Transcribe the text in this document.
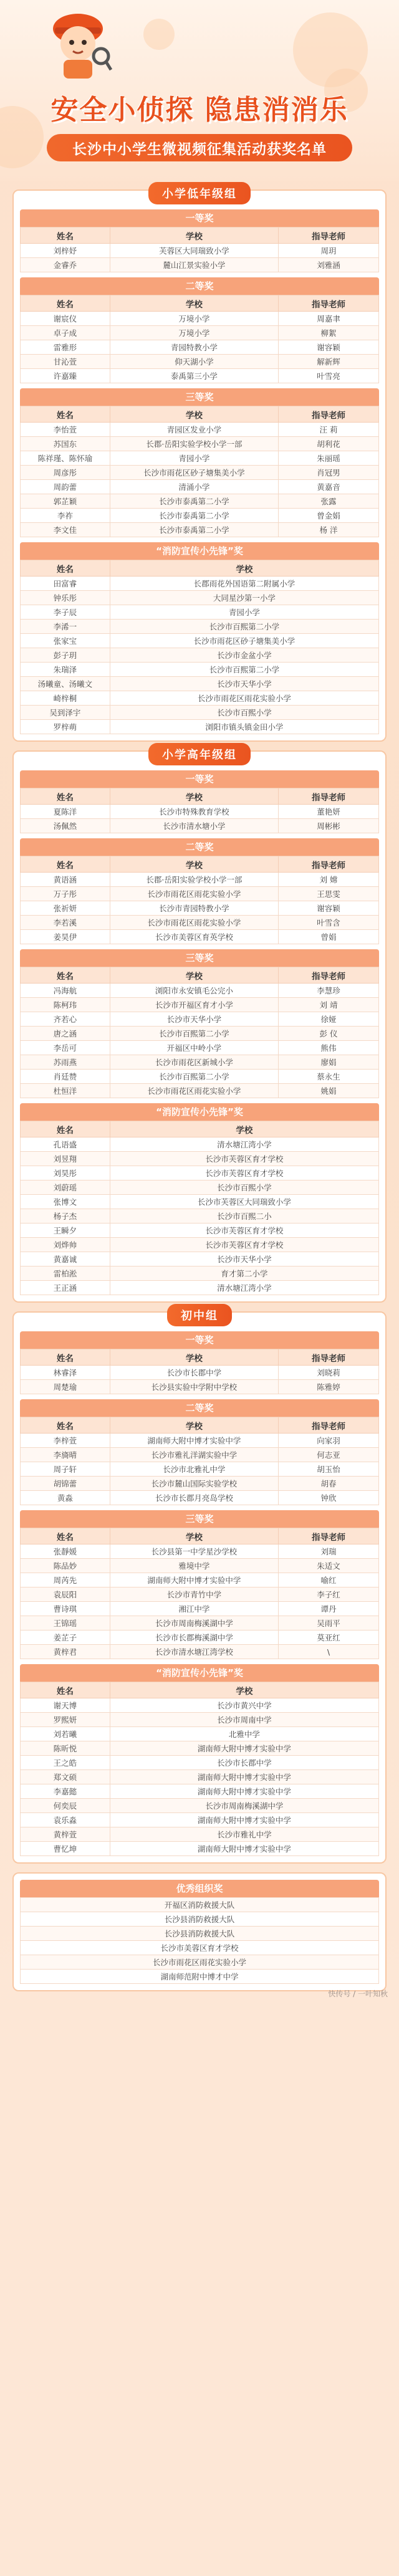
安全小侦探 隐患消消乐
长沙中小学生微视频征集活动获奖名单
小学低年级组
一等奖
姓名	学校	指导老师
刘梓妤	芙蓉区大同瑞致小学	周玥
金睿乔	麓山江景实验小学	刘雅涵
二等奖
姓名	学校	指导老师
谢宸仪	万境小学	周嘉聿
卓子成	万境小学	柳絮
雷雅形	青园特教小学	谢容颖
甘沁萱	仰天湖小学	解新辉
许嘉臻	泰禹第三小学	叶雪亮
三等奖
姓名	学校	指导老师
李怡萱	青园区发业小学	汪 莉
苏国东	长郡·岳阳实验学校小学一部	胡利花
陈祥瑾、陈怀瑜	青园小学	朱丽瑶
周彦彤	长沙市雨花区砂子塘集美小学	肖冠男
周韵蕾	清涌小学	黄嘉音
郭芷颖	长沙市泰禹第二小学	张露
李祚	长沙市泰禹第二小学	曾金娟
李文佳	长沙市泰禹第二小学	杨 洋
“消防宣传小先锋”奖
姓名	学校
田富睿	长郡雨花外国语第二附属小学
钟乐彤	大同星沙第一小学
李子辰	青园小学
李浠一	长沙市百熙第二小学
张家宝	长沙市雨花区砂子塘集美小学
彭子玥	长沙市金盆小学
朱瑞泽	长沙市百熙第二小学
汤曦童、汤曦文	长沙市天华小学
崎梓桐	长沙市雨花区雨花实验小学
吴到泽宇	长沙市百熙小学
罗梓萌	浏阳市镇头镇金田小学
小学高年级组
一等奖
姓名	学校	指导老师
夏陈洋	长沙市特殊教育学校	董艳妍
汤佩然	长沙市清水塘小学	周彬彬
二等奖
姓名	学校	指导老师
黄语涵	长郡·岳阳实验学校小学一部	刘 嫦
万子彤	长沙市雨花区雨花实验小学	王思雯
张祈妍	长沙市青园特教小学	谢容颖
李若溪	长沙市雨花区雨花实验小学	叶雪含
姜昊伊	长沙市美蓉区育英学校	曾娟
三等奖
姓名	学校	指导老师
冯海航	浏阳市永安镇毛公完小	李慧珍
陈柯玮	长沙市开福区育才小学	刘 靖
齐若心	长沙市天华小学	徐娅
唐之涵	长沙市百熙第二小学	彭 仪
李岳可	开福区中岭小学	熊伟
苏雨燕	长沙市雨花区新城小学	廖娟
肖廷赞	长沙市百熙第二小学	蔡永生
杜恒洋	长沙市雨花区雨花实验小学	姚娟
“消防宣传小先锋”奖
姓名	学校
孔语盛	清水塘江湾小学
刘昱翔	长沙市芙蓉区育才学校
刘昊彤	长沙市芙蓉区育才学校
刘蔚瑶	长沙市百熙小学
张博文	长沙市芙蓉区大同瑞致小学
杨子杰	长沙市百熙二小
王瞬夕	长沙市芙蓉区育才学校
刘烨帅	长沙市芙蓉区育才学校
黄嘉诚	长沙市天华小学
雷柏淞	育才第二小学
王正涵	清水塘江湾小学
初中组
一等奖
姓名	学校	指导老师
林睿泽	长沙市长郡中学	刘晓莉
周楚瑜	长沙县实验中学附中学校	陈雅婷
二等奖
姓名	学校	指导老师
李梓萱	湖南师大附中博才实验中学	向家羽
李旖晴	长沙市雅礼洋湖实验中学	何志亚
周子轩	长沙市北雅礼中学	胡玉怡
胡锦蕾	长沙市麓山国际实验学校	胡春
黄淼	长沙市长郡月亮岛学校	钟欣
三等奖
姓名	学校	指导老师
张靜媛	长沙县第一中学星沙学校	刘瑞
陈品妙	雅境中学	朱适文
周芮先	湖南师大附中博才实验中学	喻红
袁辰阳	长沙市青竹中学	李子红
曹诗琪	湘江中学	谭丹
王锦瑶	长沙市周南梅溪湖中学	吴雨平
姜芷子	长沙市长郡梅溪湖中学	莫亚红
黄梓君	长沙市清水塘江湾学校	\
“消防宣传小先锋”奖
姓名	学校
谢天博	长沙市黄兴中学
罗熙妍	长沙市周南中学
刘若曦	北雅中学
陈昕悦	湖南师大附中博才实验中学
王之皓	长沙市长郡中学
郑文硕	湖南师大附中博才实验中学
李嘉懿	湖南师大附中博才实验中学
何奕辰	长沙市周南梅溪湖中学
袁乐淼	湖南师大附中博才实验中学
黄梓萱	长沙市雅礼中学
曹忆坤	湖南师大附中博才实验中学
优秀组织奖
开福区消防救援大队
长沙县消防救援大队
长沙县消防救援大队
长沙市美蓉区育才学校
长沙市雨花区雨花实验小学
湖南师范附中博才中学
快传号 / 一叶知秋
